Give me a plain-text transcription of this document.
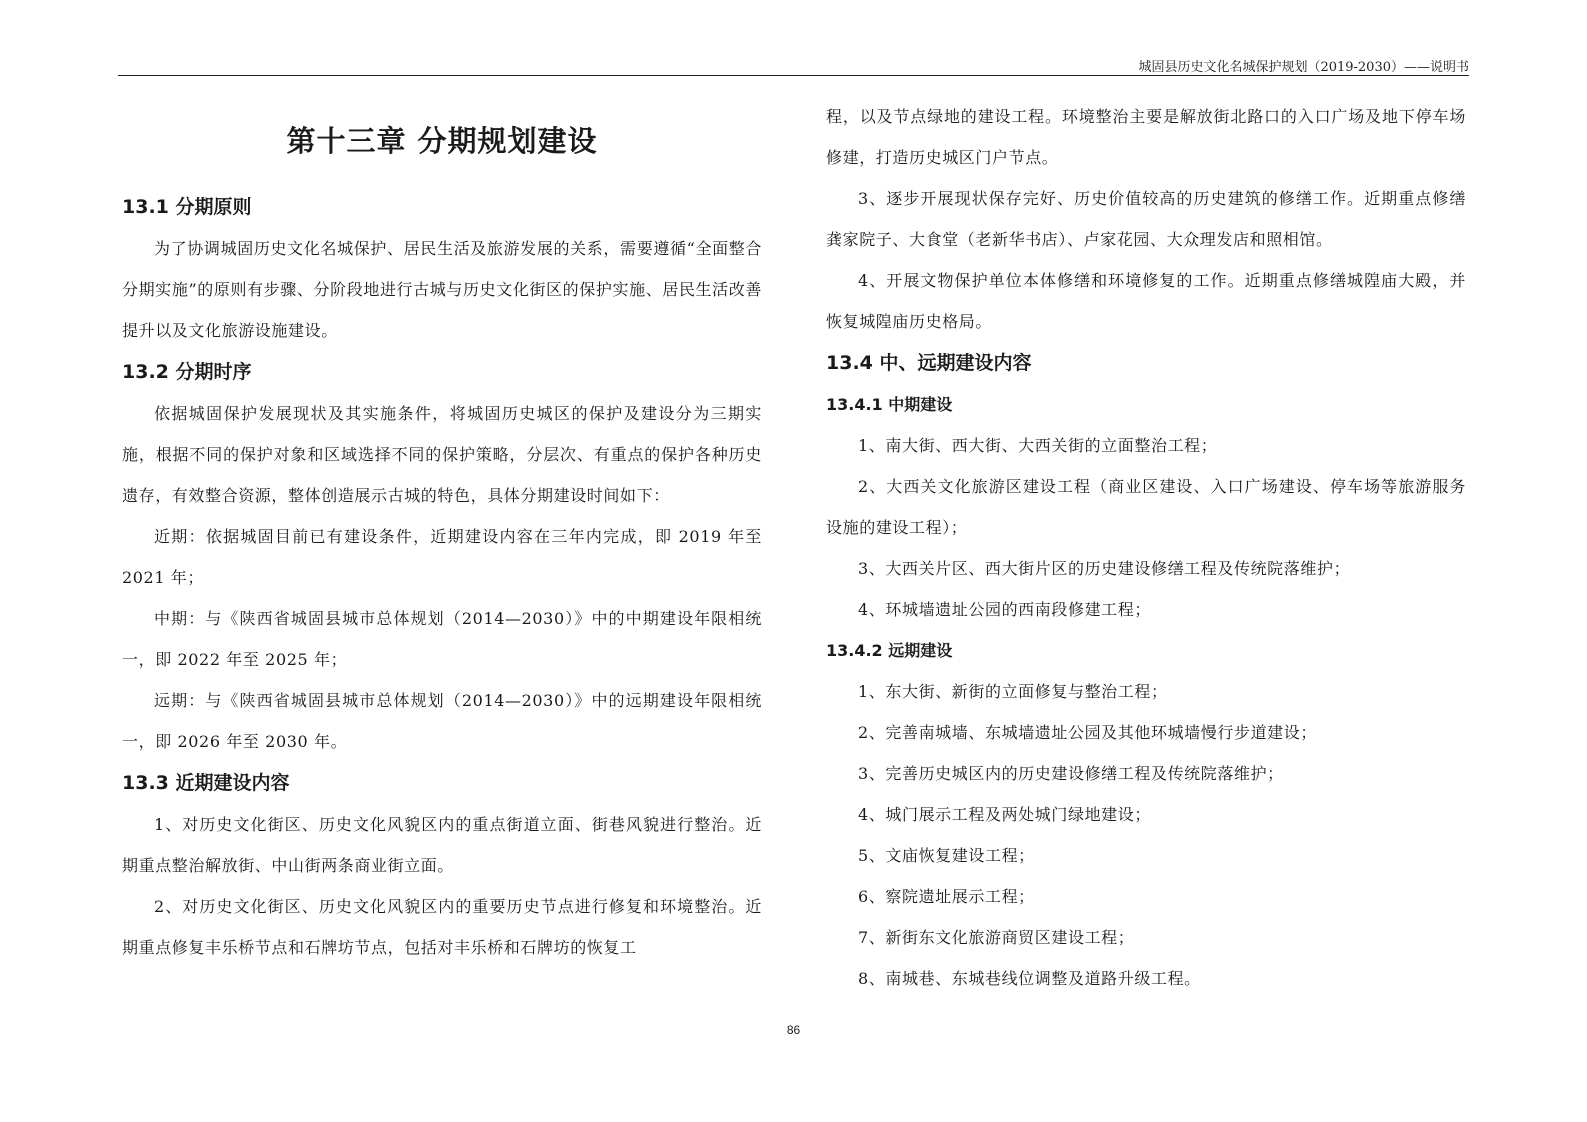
城固县历史文化名城保护规划（2019-2030）——说明书
第十三章 分期规划建设
13.1 分期原则

为了协调城固历史文化名城保护、居民生活及旅游发展的关系，需要遵循“全面整合分期实施”的原则有步骤、分阶段地进行古城与历史文化街区的保护实施、居民生活改善提升以及文化旅游设施建设。

13.2 分期时序

依据城固保护发展现状及其实施条件，将城固历史城区的保护及建设分为三期实施，根据不同的保护对象和区域选择不同的保护策略，分层次、有重点的保护各种历史遗存，有效整合资源，整体创造展示古城的特色，具体分期建设时间如下：

近期：依据城固目前已有建设条件，近期建设内容在三年内完成，即 2019 年至 2021 年；

中期：与《陕西省城固县城市总体规划（2014—2030）》中的中期建设年限相统一，即 2022 年至 2025 年；

远期：与《陕西省城固县城市总体规划（2014—2030）》中的远期建设年限相统一，即 2026 年至 2030 年。

13.3 近期建设内容

1、对历史文化街区、历史文化风貌区内的重点街道立面、街巷风貌进行整治。近期重点整治解放街、中山街两条商业街立面。

2、对历史文化街区、历史文化风貌区内的重要历史节点进行修复和环境整治。近期重点修复丰乐桥节点和石牌坊节点，包括对丰乐桥和石牌坊的恢复工

程，以及节点绿地的建设工程。环境整治主要是解放街北路口的入口广场及地下停车场修建，打造历史城区门户节点。

3、逐步开展现状保存完好、历史价值较高的历史建筑的修缮工作。近期重点修缮龚家院子、大食堂（老新华书店）、卢家花园、大众理发店和照相馆。

4、开展文物保护单位本体修缮和环境修复的工作。近期重点修缮城隍庙大殿，并恢复城隍庙历史格局。

13.4 中、远期建设内容
13.4.1 中期建设

1、南大街、西大街、大西关街的立面整治工程；

2、大西关文化旅游区建设工程（商业区建设、入口广场建设、停车场等旅游服务设施的建设工程）；

3、大西关片区、西大街片区的历史建设修缮工程及传统院落维护；

4、环城墙遗址公园的西南段修建工程；

13.4.2 远期建设

1、东大街、新街的立面修复与整治工程；

2、完善南城墙、东城墙遗址公园及其他环城墙慢行步道建设；

3、完善历史城区内的历史建设修缮工程及传统院落维护；

4、城门展示工程及两处城门绿地建设；

5、文庙恢复建设工程；

6、察院遗址展示工程；

7、新街东文化旅游商贸区建设工程；

8、南城巷、东城巷线位调整及道路升级工程。

86
